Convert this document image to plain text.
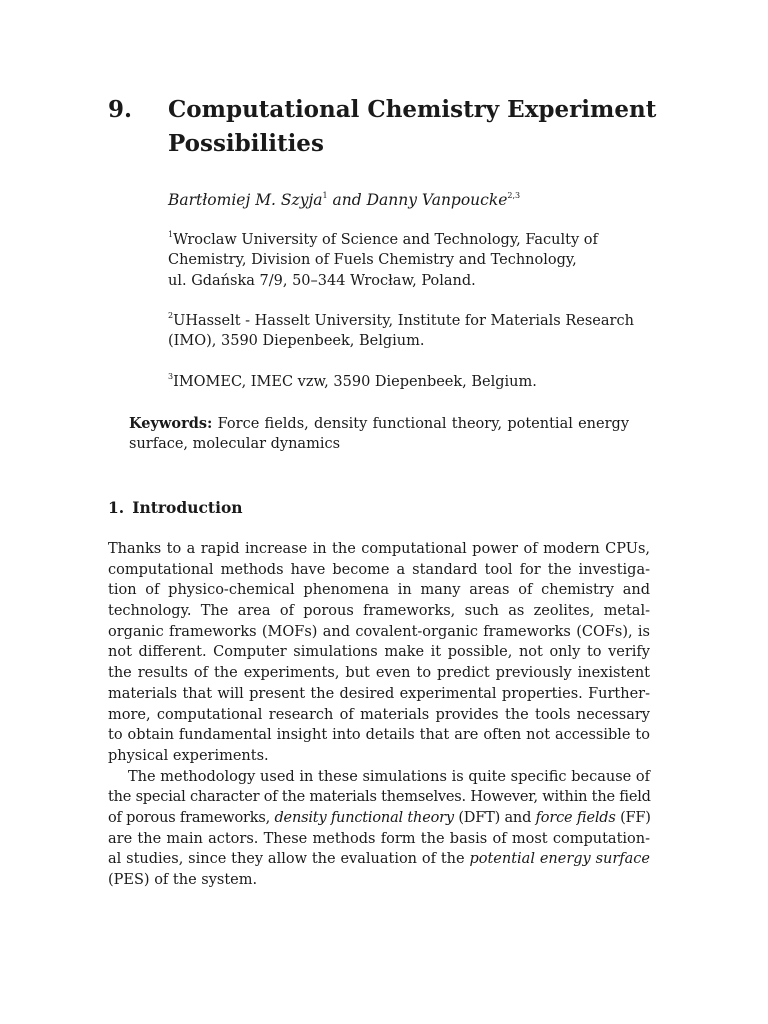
9.	Computational Chemistry Experiment
Possibilities
Bartłomiej M. Szyja$^1$ and Danny Vanpoucke$^{2,3}$
$^1$Wroclaw University of Science and Technology, Faculty of
Chemistry, Division of Fuels Chemistry and Technology,
ul. Gdańska 7/9, 50–344 Wrocław, Poland.
$^2$UHasselt - Hasselt University, Institute for Materials Research
(IMO), 3590 Diepenbeek, Belgium.
$^3$IMOMEC, IMEC vzw, 3590 Diepenbeek, Belgium.
Keywords: Force fields, density functional theory, potential energy
surface, molecular dynamics
1. Introduction
Thanks to a rapid increase in the computational power of modern CPUs,
computational methods have become a standard tool for the investiga-
tion of physico-chemical phenomena in many areas of chemistry and
technology. The area of porous frameworks, such as zeolites, metal-
organic frameworks (MOFs) and covalent-organic frameworks (COFs), is
not different. Computer simulations make it possible, not only to verify
the results of the experiments, but even to predict previously inexistent
materials that will present the desired experimental properties. Further-
more, computational research of materials provides the tools necessary
to obtain fundamental insight into details that are often not accessible to
physical experiments.
The methodology used in these simulations is quite specific because of
the special character of the materials themselves. However, within the field
of porous frameworks, density functional theory (DFT) and force fields (FF)
are the main actors. These methods form the basis of most computation-
al studies, since they allow the evaluation of the potential energy surface
(PES) of the system.
